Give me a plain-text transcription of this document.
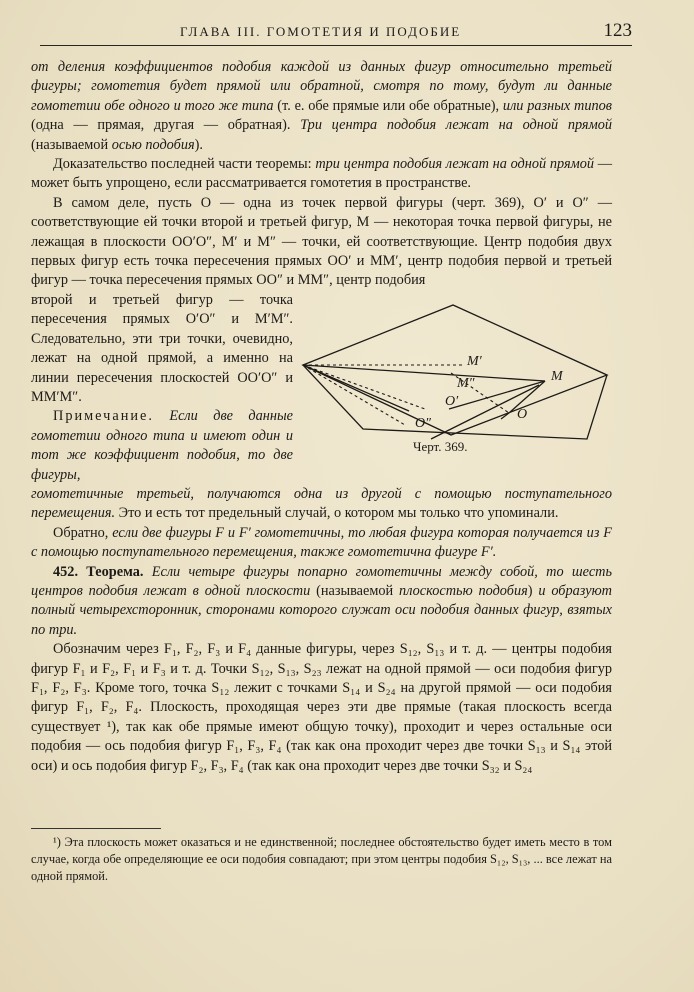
ГЛАВА III. ГОМОТЕТИЯ И ПОДОБИЕ	123

от деления коэффициентов подобия каждой из данных фигур относительно третьей фигуры; гомотетия будет прямой или обратной, смотря по тому, будут ли данные гомотетии обе одного и того же типа (т. е. обе прямые или обе обратные), или разных типов (одна — прямая, другая — обратная). Три центра подобия лежат на одной прямой (называемой осью подобия).

Доказательство последней части теоремы: три центра подобия лежат на одной прямой — может быть упрощено, если рассматривается гомотетия в пространстве.

В самом деле, пусть O — одна из точек первой фигуры (черт. 369), O′ и O″ — соответствующие ей точки второй и третьей фигур, M — некоторая точка первой фигуры, не лежащая в плоскости OO′O″, M′ и M″ — точки, ей соответствующие. Центр подобия двух первых фигур есть точка пересечения прямых OO′ и MM′, центр подобия первой и третьей фигур — точка пересечения прямых OO″ и MM″, центр подобия

второй и третьей фигур — точка пересечения прямых O′O″ и M′M″. Следовательно, эти три точки, очевидно, лежат на одной прямой, а именно на линии пересечения плоскостей OO′O″ и MM′M″.

Примечание. Если две данные гомотетии одного типа и имеют один и тот же коэффициент подобия, то две фигуры,

M′
M
M″
O′
O
O″
Черт. 369.

гомотетичные третьей, получаются одна из другой с помощью поступательного перемещения. Это и есть тот предельный случай, о котором мы только что упоминали.

Обратно, если две фигуры F и F′ гомотетичны, то любая фигура которая получается из F с помощью поступательного перемещения, также гомотетична фигуре F′.

452. Теорема. Если четыре фигуры попарно гомотетичны между собой, то шесть центров подобия лежат в одной плоскости (называемой плоскостью подобия) и образуют полный четырехсторонник, сторонами которого служат оси подобия данных фигур, взятых по три.

Обозначим через F₁, F₂, F₃ и F₄ данные фигуры, через S₁₂, S₁₃ и т. д. — центры подобия фигур F₁ и F₂, F₁ и F₃ и т. д. Точки S₁₂, S₁₃, S₂₃ лежат на одной прямой — оси подобия фигур F₁, F₂, F₃. Кроме того, точка S₁₂ лежит с точками S₁₄ и S₂₄ на другой прямой — оси подобия фигур F₁, F₂, F₄. Плоскость, проходящая через эти две прямые (такая плоскость всегда существует ¹), так как обе прямые имеют общую точку), проходит и через остальные оси подобия — ось подобия фигур F₁, F₃, F₄ (так как она проходит через две точки S₁₃ и S₁₄ этой оси) и ось подобия фигур F₂, F₃, F₄ (так как она проходит через две точки S₃₂ и S₂₄

¹) Эта плоскость может оказаться и не единственной; последнее обстоятельство будет иметь место в том случае, когда обе определяющие ее оси подобия совпадают; при этом центры подобия S₁₂, S₁₃, ... все лежат на одной прямой.
